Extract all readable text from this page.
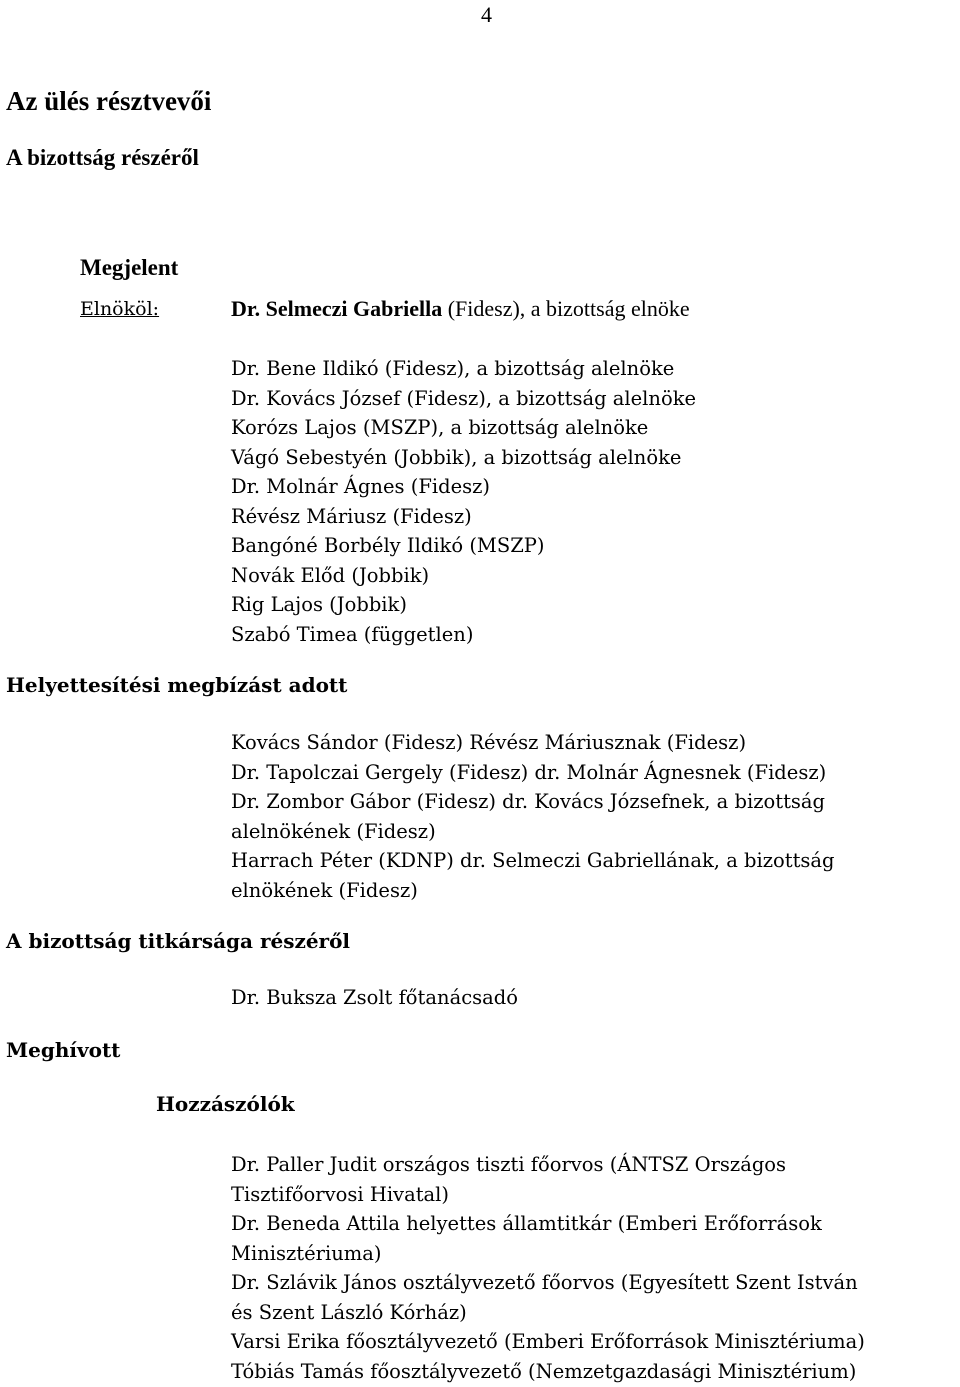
4
Az ülés résztvevői
A bizottság részéről
Megjelent
Elnököl:	Dr. Selmeczi Gabriella (Fidesz), a bizottság elnöke
Dr. Bene Ildikó (Fidesz), a bizottság alelnöke
Dr. Kovács József (Fidesz), a bizottság alelnöke
Korózs Lajos (MSZP), a bizottság alelnöke
Vágó Sebestyén (Jobbik), a bizottság alelnöke
Dr. Molnár Ágnes (Fidesz)
Révész Máriusz (Fidesz)
Bangóné Borbély Ildikó (MSZP)
Novák Előd (Jobbik)
Rig Lajos (Jobbik)
Szabó Timea (független)
Helyettesítési megbízást adott
Kovács Sándor (Fidesz) Révész Máriusznak (Fidesz)
Dr. Tapolczai Gergely (Fidesz) dr. Molnár Ágnesnek (Fidesz)
Dr. Zombor Gábor (Fidesz) dr. Kovács Józsefnek, a bizottság
alelnökének (Fidesz)
Harrach Péter (KDNP) dr. Selmeczi Gabriellának, a bizottság
elnökének (Fidesz)
A bizottság titkársága részéről
Dr. Buksza Zsolt főtanácsadó
Meghívott
Hozzászólók
Dr. Paller Judit országos tiszti főorvos (ÁNTSZ Országos
Tisztifőorvosi Hivatal)
Dr. Beneda Attila helyettes államtitkár (Emberi Erőforrások
Minisztériuma)
Dr. Szlávik János osztályvezető főorvos (Egyesített Szent István
és Szent László Kórház)
Varsi Erika főosztályvezető (Emberi Erőforrások Minisztériuma)
Tóbiás Tamás főosztályvezető (Nemzetgazdasági Minisztérium)
